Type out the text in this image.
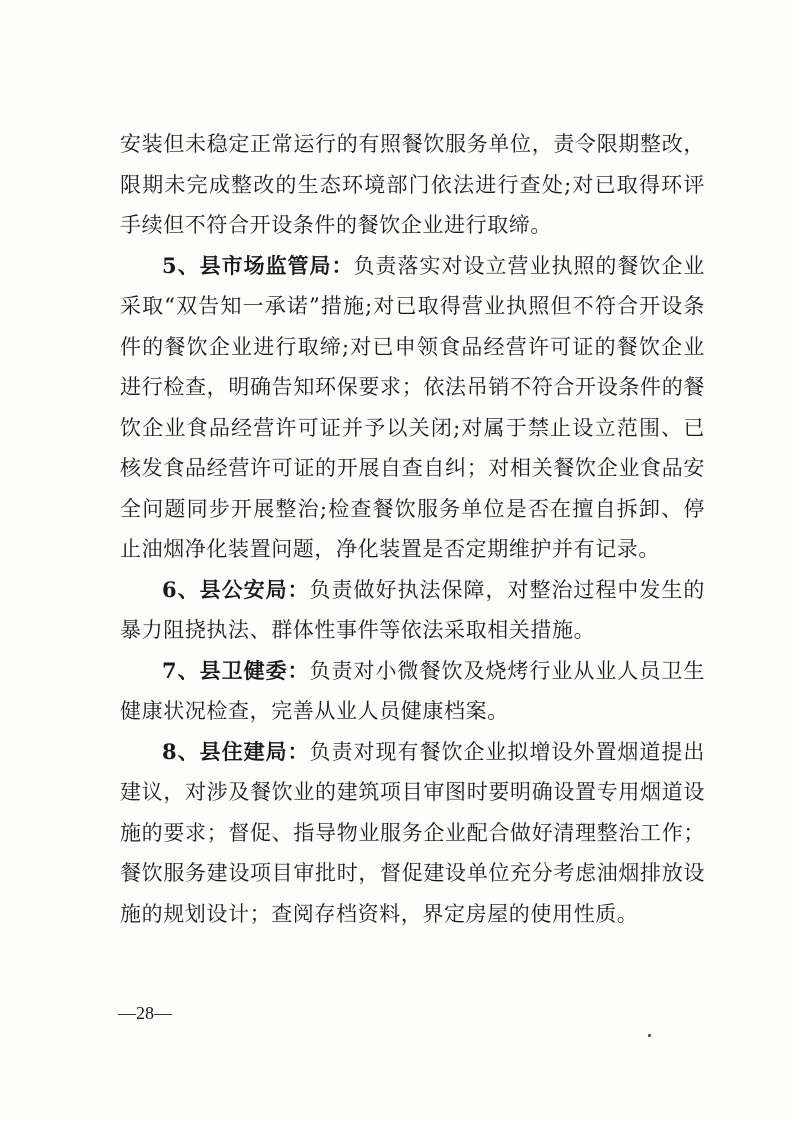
安装但未稳定正常运行的有照餐饮服务单位，责令限期整改，限期未完成整改的生态环境部门依法进行查处;对已取得环评手续但不符合开设条件的餐饮企业进行取缔。

5、县市场监管局：负责落实对设立营业执照的餐饮企业采取“双告知一承诺”措施;对已取得营业执照但不符合开设条件的餐饮企业进行取缔;对已申领食品经营许可证的餐饮企业进行检查，明确告知环保要求；依法吊销不符合开设条件的餐饮企业食品经营许可证并予以关闭;对属于禁止设立范围、已核发食品经营许可证的开展自查自纠；对相关餐饮企业食品安全问题同步开展整治;检查餐饮服务单位是否在擅自拆卸、停止油烟净化装置问题，净化装置是否定期维护并有记录。

6、县公安局：负责做好执法保障，对整治过程中发生的暴力阻挠执法、群体性事件等依法采取相关措施。

7、县卫健委：负责对小微餐饮及烧烤行业从业人员卫生健康状况检查，完善从业人员健康档案。

8、县住建局：负责对现有餐饮企业拟增设外置烟道提出建议，对涉及餐饮业的建筑项目审图时要明确设置专用烟道设施的要求；督促、指导物业服务企业配合做好清理整治工作；餐饮服务建设项目审批时，督促建设单位充分考虑油烟排放设施的规划设计；查阅存档资料，界定房屋的使用性质。

—28—
